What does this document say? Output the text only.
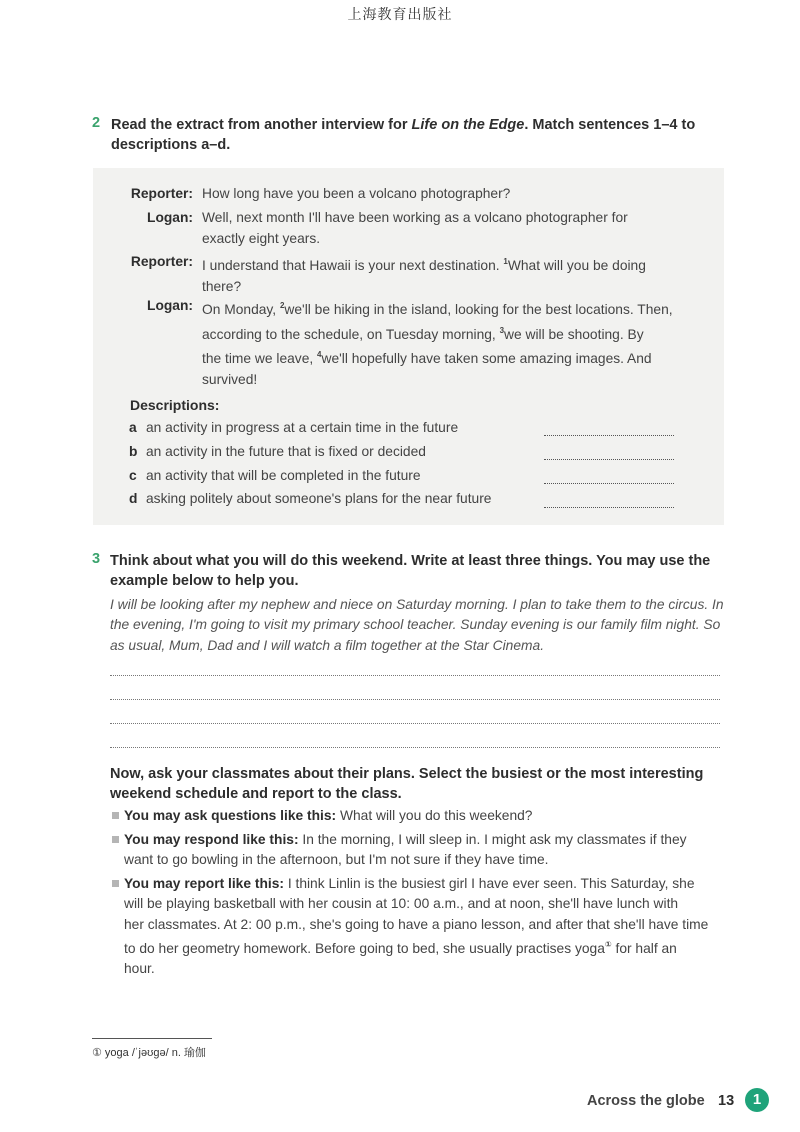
上海教育出版社
2 Read the extract from another interview for Life on the Edge. Match sentences 1–4 to
descriptions a–d.
Reporter: How long have you been a volcano photographer?
Logan: Well, next month I'll have been working as a volcano photographer for
exactly eight years.
Reporter: I understand that Hawaii is your next destination. $^1$What will you be doing
there?
Logan: On Monday, $^2$we'll be hiking in the island, looking for the best locations. Then,
according to the schedule, on Tuesday morning, $^3$we will be shooting. By
the time we leave, $^4$we'll hopefully have taken some amazing images. And
survived!
Descriptions:
a an activity in progress at a certain time in the future
b an activity in the future that is fixed or decided
c an activity that will be completed in the future
d asking politely about someone's plans for the near future
3 Think about what you will do this weekend. Write at least three things. You may use the
example below to help you.
I will be looking after my nephew and niece on Saturday morning. I plan to take them to the circus. In
the evening, I'm going to visit my primary school teacher. Sunday evening is our family film night. So
as usual, Mum, Dad and I will watch a film together at the Star Cinema.
Now, ask your classmates about their plans. Select the busiest or the most interesting
weekend schedule and report to the class.
You may ask questions like this: What will you do this weekend?
You may respond like this: In the morning, I will sleep in. I might ask my classmates if they
want to go bowling in the afternoon, but I'm not sure if they have time.
You may report like this: I think Linlin is the busiest girl I have ever seen. This Saturday, she
will be playing basketball with her cousin at 10: 00 a.m., and at noon, she'll have lunch with
her classmates. At 2: 00 p.m., she's going to have a piano lesson, and after that she'll have time
to do her geometry homework. Before going to bed, she usually practises yoga① for half an
hour.
① yoga /ˈjəʊgə/ n. 瑜伽
Across the globe 13	1
